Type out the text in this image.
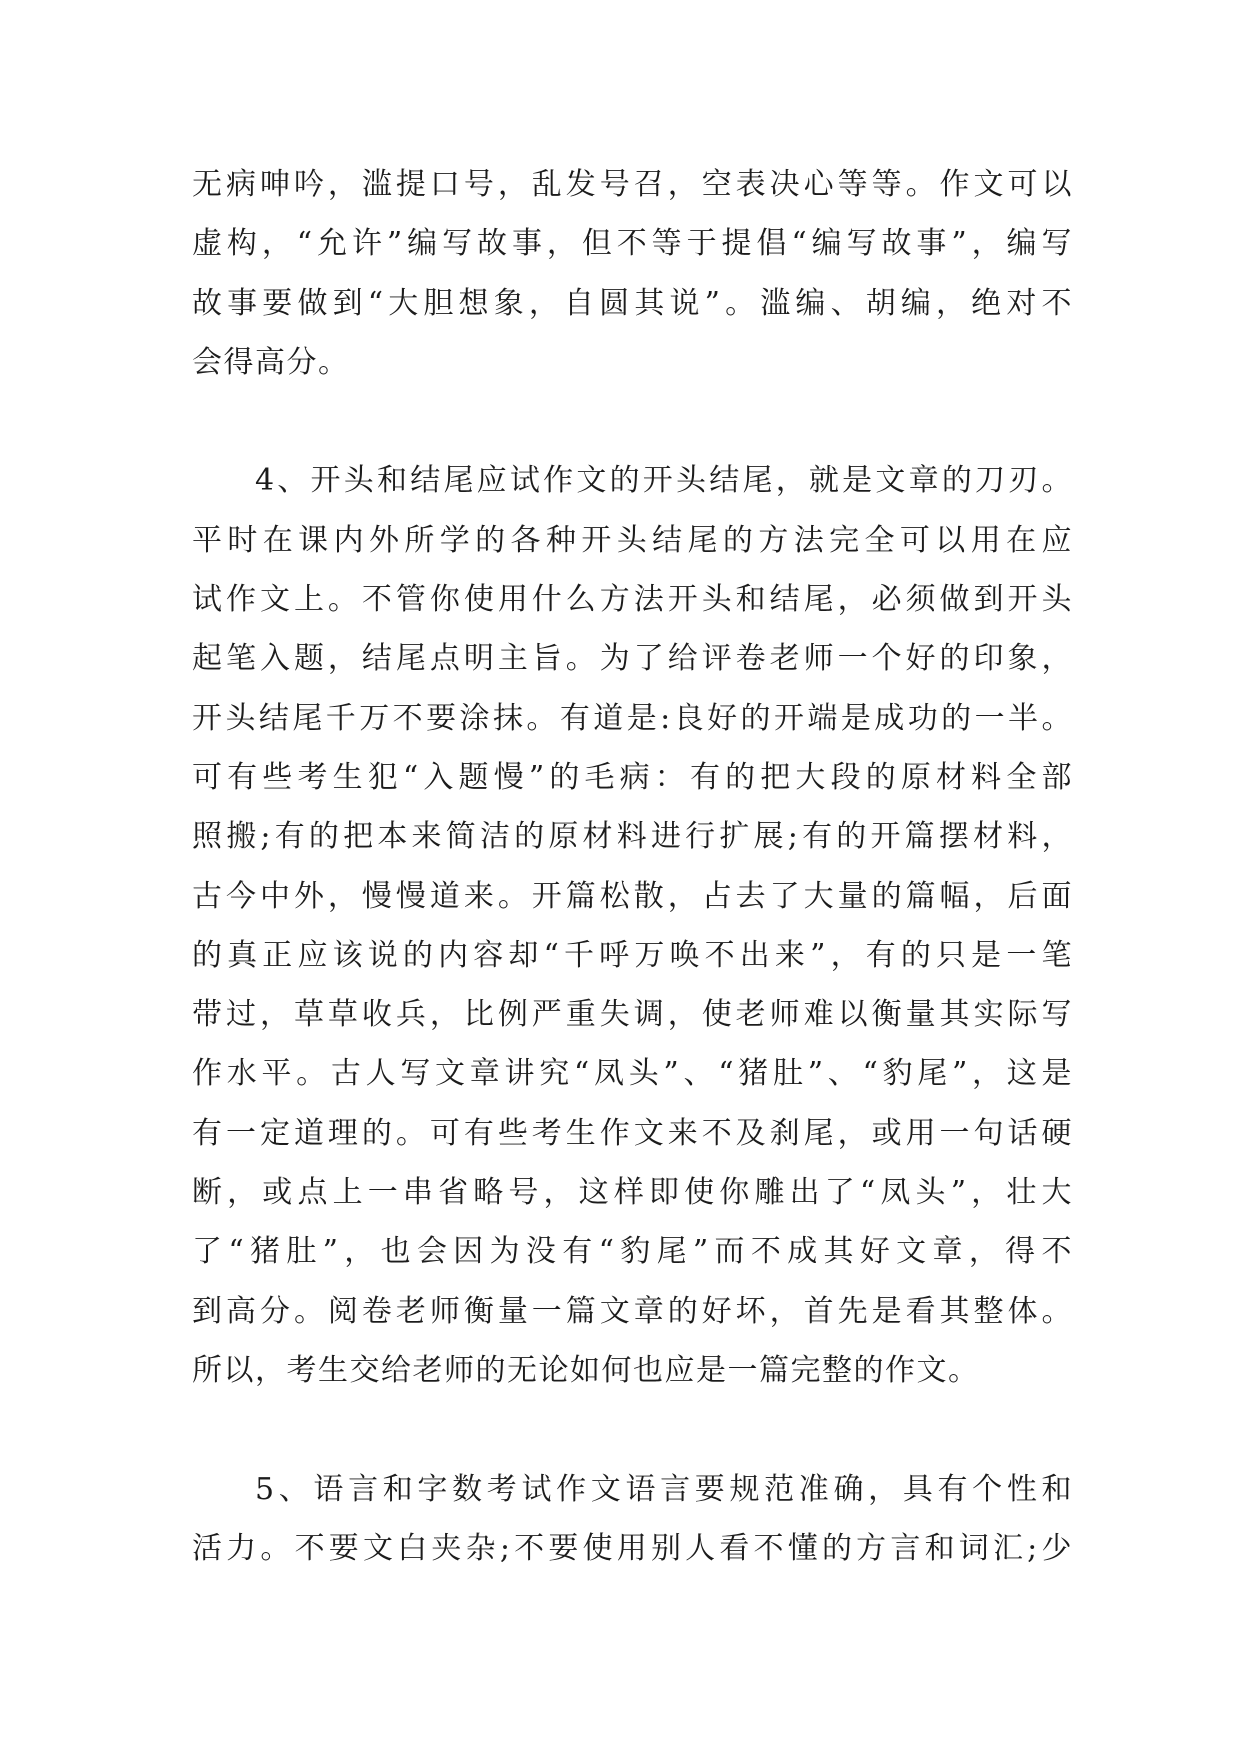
无病呻吟，滥提口号，乱发号召，空表决心等等。作文可以
虚构，“允许”编写故事，但不等于提倡“编写故事”，编写
故事要做到“大胆想象，自圆其说”。滥编、胡编，绝对不
会得高分。
4、开头和结尾应试作文的开头结尾，就是文章的刀刃。
平时在课内外所学的各种开头结尾的方法完全可以用在应
试作文上。不管你使用什么方法开头和结尾，必须做到开头
起笔入题，结尾点明主旨。为了给评卷老师一个好的印象，
开头结尾千万不要涂抹。有道是:良好的开端是成功的一半。
可有些考生犯“入题慢”的毛病：有的把大段的原材料全部
照搬;有的把本来简洁的原材料进行扩展;有的开篇摆材料，
古今中外，慢慢道来。开篇松散，占去了大量的篇幅，后面
的真正应该说的内容却“千呼万唤不出来”，有的只是一笔
带过，草草收兵，比例严重失调，使老师难以衡量其实际写
作水平。古人写文章讲究“凤头”、“猪肚”、“豹尾”，这是
有一定道理的。可有些考生作文来不及刹尾，或用一句话硬
断，或点上一串省略号，这样即使你雕出了“凤头”，壮大
了“猪肚”，也会因为没有“豹尾”而不成其好文章，得不
到高分。阅卷老师衡量一篇文章的好坏，首先是看其整体。
所以，考生交给老师的无论如何也应是一篇完整的作文。
5、语言和字数考试作文语言要规范准确，具有个性和
活力。不要文白夹杂;不要使用别人看不懂的方言和词汇;少
